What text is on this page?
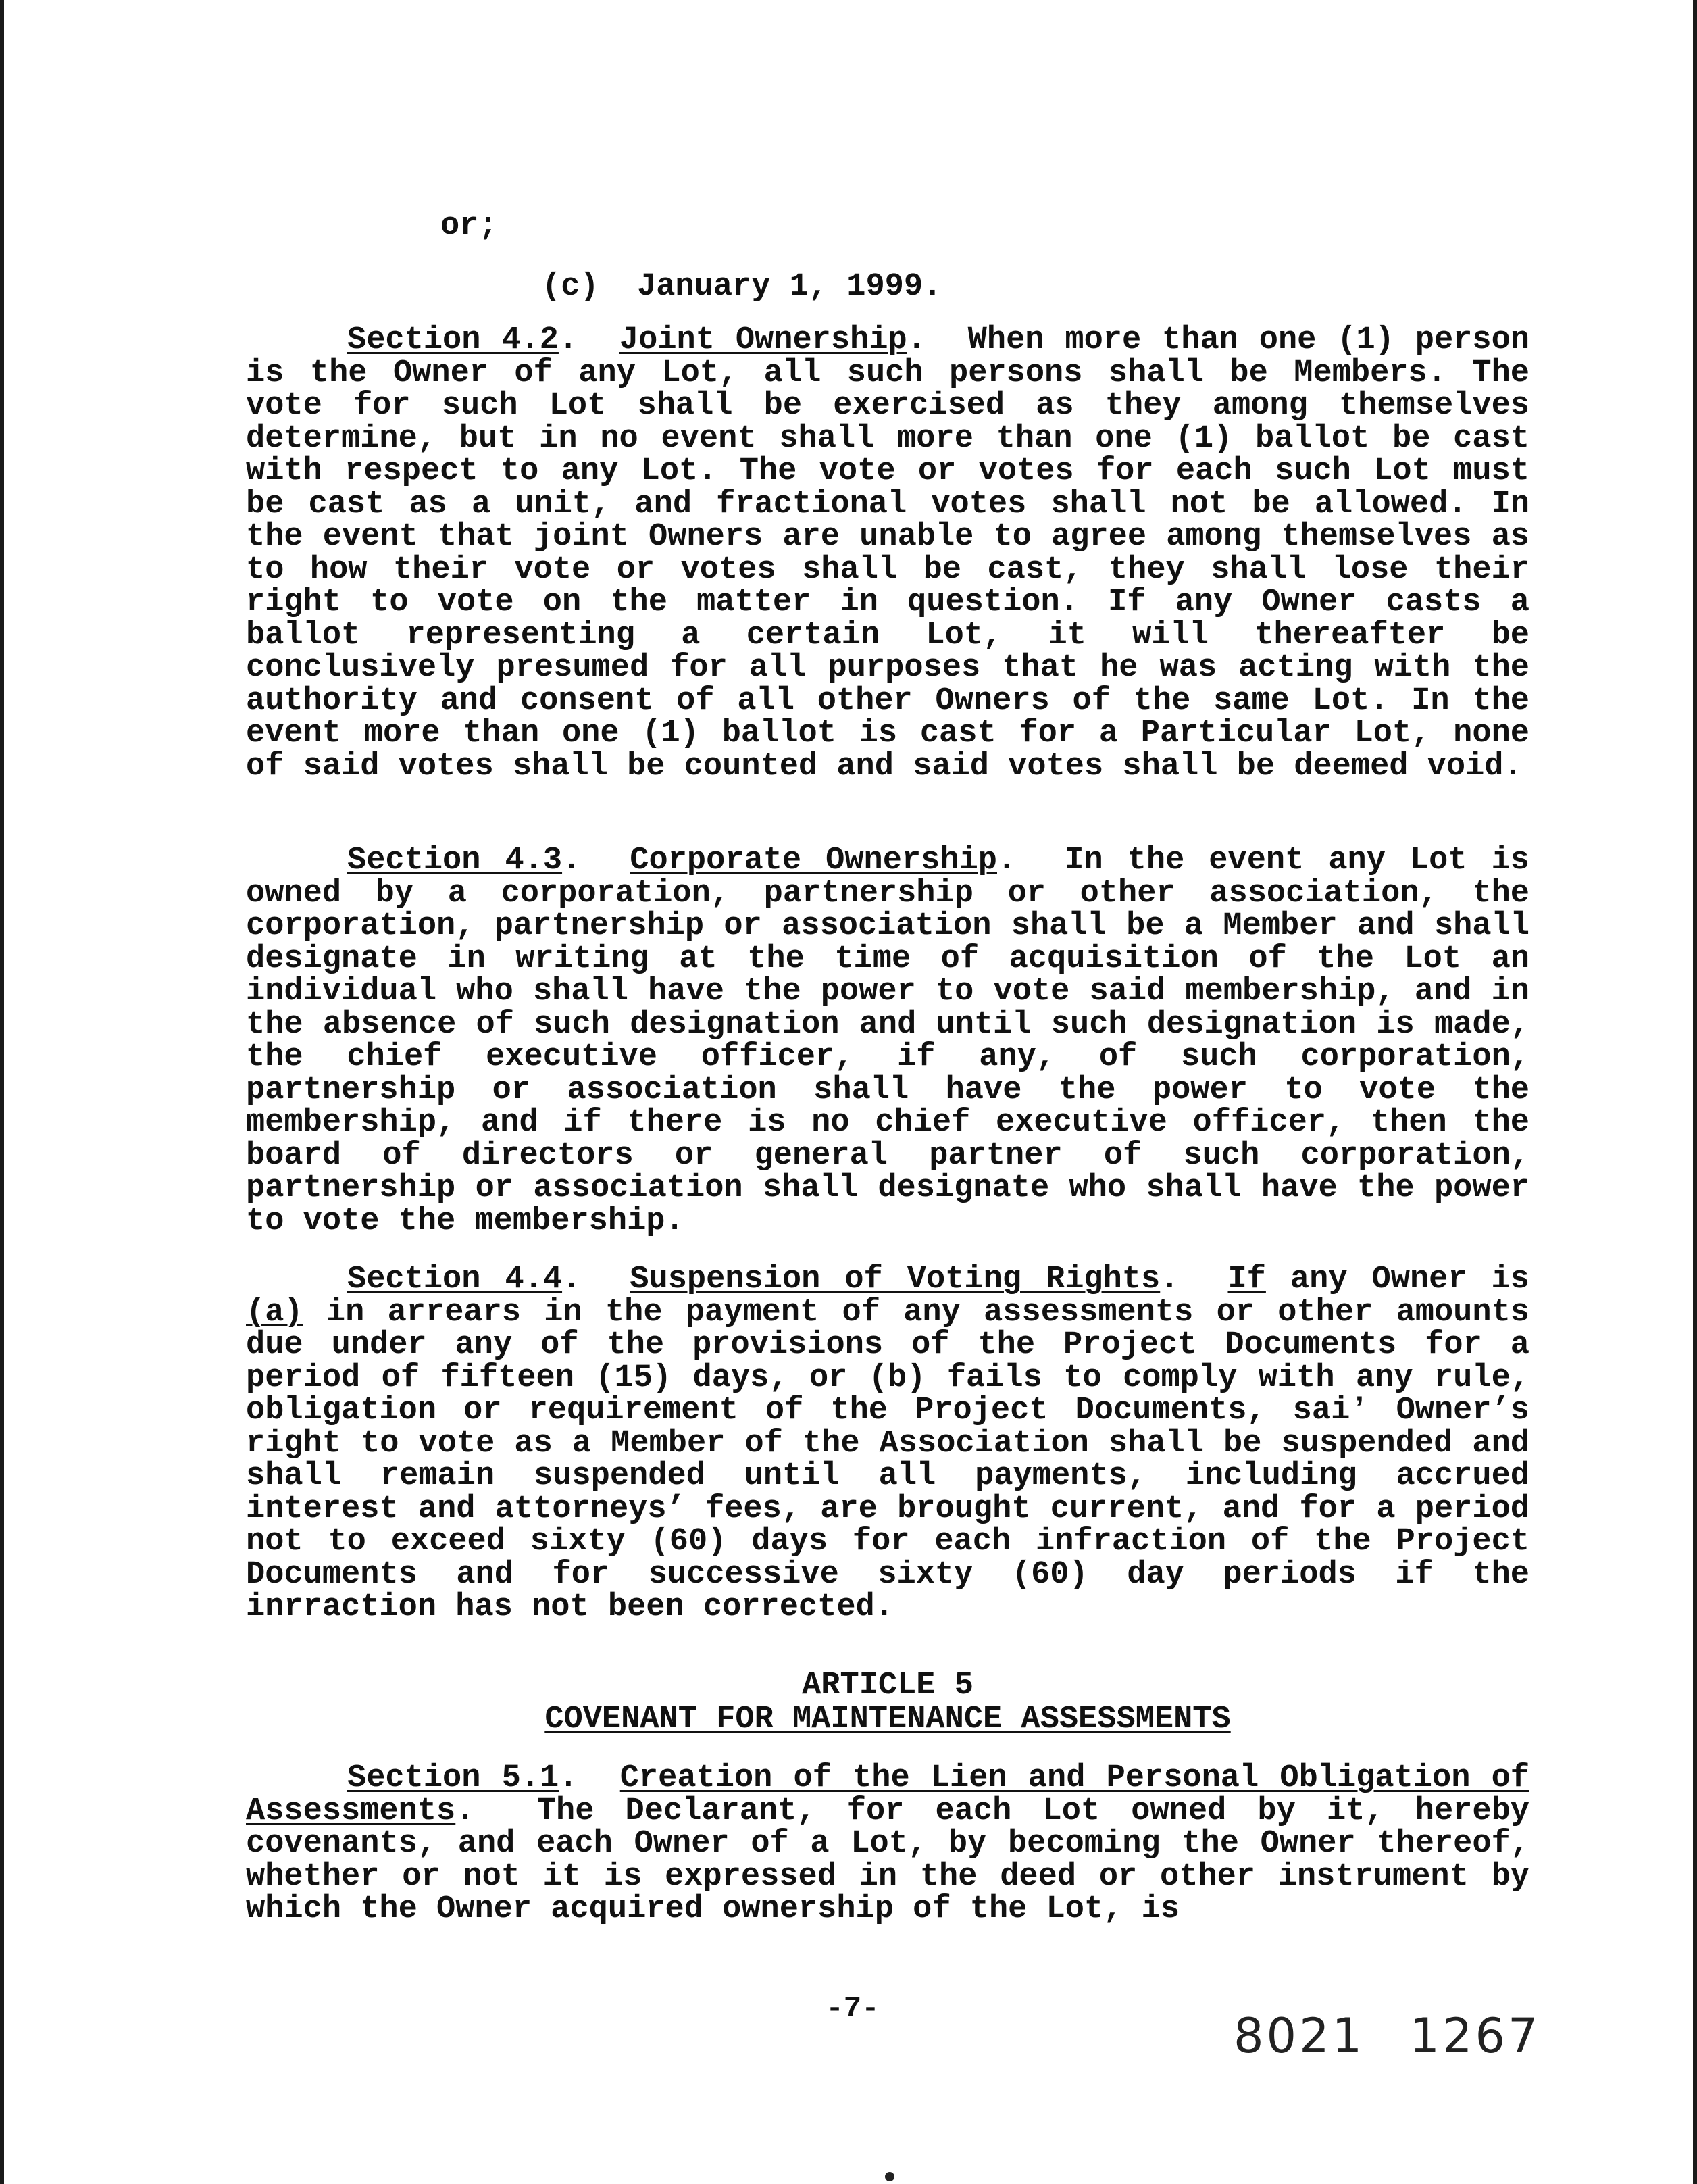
or;
(c)  January 1, 1999.
Section 4.2.  Joint Ownership.  When more than one (1) person is the Owner of any Lot, all such persons shall be Members. The vote for such Lot shall be exercised as they among themselves determine, but in no event shall more than one (1) ballot be cast with respect to any Lot. The vote or votes for each such Lot must be cast as a unit, and fractional votes shall not be allowed. In the event that joint Owners are unable to agree among themselves as to how their vote or votes shall be cast, they shall lose their right to vote on the matter in question. If any Owner casts a ballot representing a certain Lot, it will thereafter be conclusively presumed for all purposes that he was acting with the authority and consent of all other Owners of the same Lot. In the event more than one (1) ballot is cast for a Particular Lot, none of said votes shall be counted and said votes shall be deemed void.
Section 4.3.  Corporate Ownership.  In the event any Lot is owned by a corporation, partnership or other association, the corporation, partnership or association shall be a Member and shall designate in writing at the time of acquisition of the Lot an individual who shall have the power to vote said membership, and in the absence of such designation and until such designation is made, the chief executive officer, if any, of such corporation, partnership or association shall have the power to vote the membership, and if there is no chief executive officer, then the board of directors or general partner of such corporation, partnership or association shall designate who shall have the power to vote the membership.
Section 4.4.  Suspension of Voting Rights.  If any Owner is (a) in arrears in the payment of any assessments or other amounts due under any of the provisions of the Project Documents for a period of fifteen (15) days, or (b) fails to comply with any rule, obligation or requirement of the Project Documents, saiʼ Owner’s right to vote as a Member of the Association shall be suspended and shall remain suspended until all payments, including accrued interest and attorneys’ fees, are brought current, and for a period not to exceed sixty (60) days for each infraction of the Project Documents and for successive sixty (60) day periods if the inrraction has not been corrected.
ARTICLE 5
COVENANT FOR MAINTENANCE ASSESSMENTS
Section 5.1.  Creation of the Lien and Personal Obligation of Assessments.  The Declarant, for each Lot owned by it, hereby covenants, and each Owner of a Lot, by becoming the Owner thereof, whether or not it is expressed in the deed or other instrument by which the Owner acquired ownership of the Lot, is
-7-	8021 1267
